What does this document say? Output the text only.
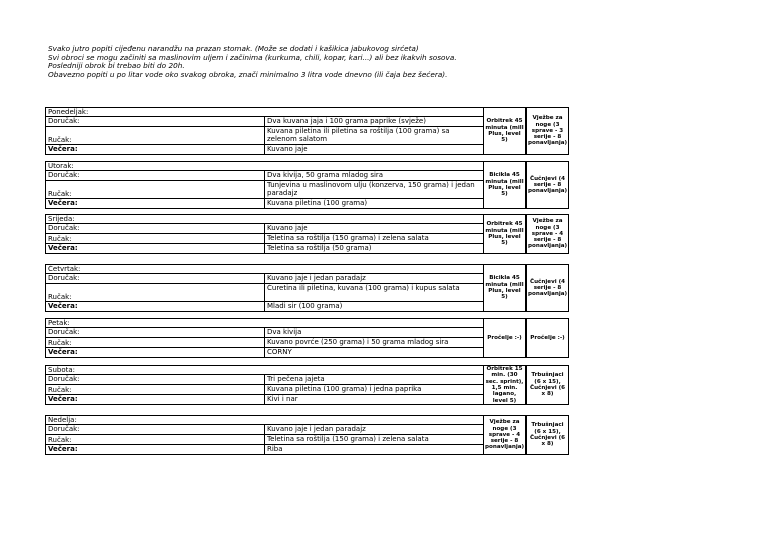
Svako jutro popiti cijeđenu narandžu na prazan stomak. (Može se dodati i kašikica jabukovog sirćeta)

Svi obroci se mogu začiniti sa maslinovim uljem i začinima (kurkuma, chili, kopar, kari...) ali bez ikakvih sosova.

Posledniji obrok bi trebao biti do 20h.

Obavezno popiti u po litar vode oko svakog obroka, znači minimalno 3 litra vode dnevno (ili čaja bez šećera).

Ponedeljak:		Orbitrek 45 minuta (mill Plus, level 5)	Vježbe za noge (3 sprave - 3 serije - 8 ponavljanja)
Doručak:	Dva kuvana jaja i 100 grama paprike (svježe)		
Ručak:	Kuvana piletina ili piletina sa roštilja (100 grama) sa zelenom salatom		
Večera:	Kuvano jaje		
Utorak:		Bicikla 45 minuta (mill Plus, level 5)	Čučnjevi (4 serije - 8 ponavljanja)
Doručak:	Dva kivija, 50 grama mladog sira		
Ručak:	Tunjevina u maslinovom ulju (konzerva, 150 grama) i jedan paradajz		
Večera:	Kuvana piletina (100 grama)		
Srijeda:		Orbitrek 45 minuta (mill Plus, level 5)	Vježbe za noge (3 sprave - 4 serije - 8 ponavljanja)
Doručak:	Kuvano jaje		
Ručak:	Teletina sa roštilja (150 grama) i zelena salata		
Večera:	Teletina sa roštilja (50 grama)		
Četvrtak:		Bicikla 45 minuta (mill Plus, level 5)	Čučnjevi (4 serije - 8 ponavljanja)
Doručak:	Kuvano jaje i jedan paradajz		
Ručak:	Ćuretina ili piletina, kuvana (100 grama) i kupus salata		
Večera:	Mladi sir (100 grama)		
Petak:		Pročelje :-)	Pročelje :-)
Doručak:	Dva kivija		
Ručak:	Kuvano povrće (250 grama) i 50 grama mladog sira		
Večera:	CORNY		
Subota:		Orbitrek 15 min. (30 sec. sprint), 1,5 min. lagano, level 5)	Trbušnjaci (6 x 15), Čučnjevi (6 x 8)
Doručak:	Tri pečena jajeta		
Ručak:	Kuvana piletina (100 grama) i jedna paprika		
Večera:	Kivi i nar		
Nedelja:		Vježbe za noge (3 sprave - 4 serije - 8 ponavljanja)	Trbušnjaci (6 x 15), Čučnjevi (6 x 8)
Doručak:	Kuvano jaje i jedan paradajz		
Ručak:	Teletina sa roštilja (150 grama) i zelena salata		
Večera:	Riba		
